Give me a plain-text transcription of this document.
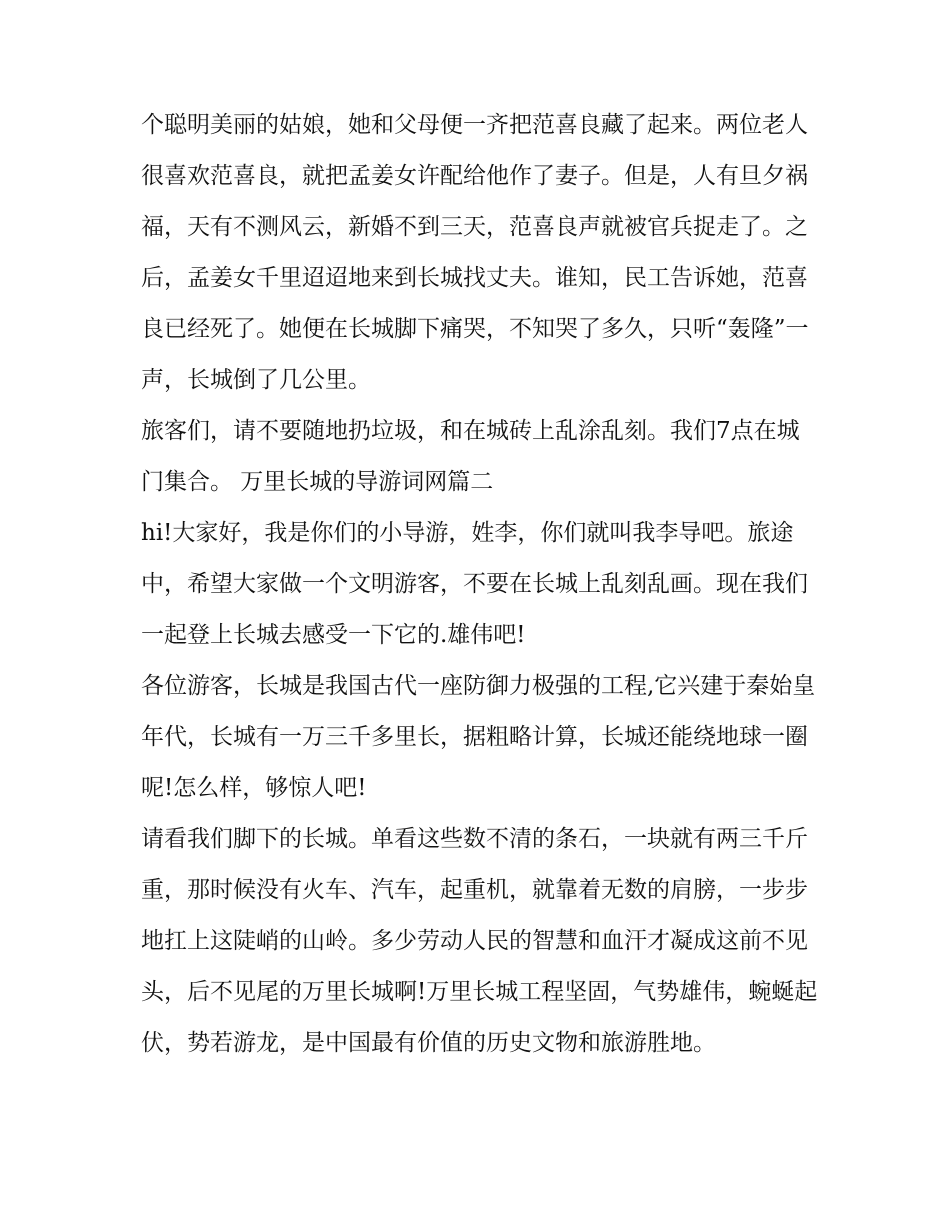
个聪明美丽的姑娘，她和父母便一齐把范喜良藏了起来。两位老人很喜欢范喜良，就把孟姜女许配给他作了妻子。但是，人有旦夕祸福，天有不测风云，新婚不到三天，范喜良声就被官兵捉走了。之后，孟姜女千里迢迢地来到长城找丈夫。谁知，民工告诉她，范喜良已经死了。她便在长城脚下痛哭，不知哭了多久，只听“轰隆”一声，长城倒了几公里。

旅客们，请不要随地扔垃圾，和在城砖上乱涂乱刻。我们7点在城门集合。 万里长城的导游词网篇二

hi!大家好，我是你们的小导游，姓李，你们就叫我李导吧。旅途中，希望大家做一个文明游客，不要在长城上乱刻乱画。现在我们一起登上长城去感受一下它的.雄伟吧!

各位游客，长城是我国古代一座防御力极强的工程,它兴建于秦始皇年代，长城有一万三千多里长，据粗略计算，长城还能绕地球一圈呢!怎么样，够惊人吧!

请看我们脚下的长城。单看这些数不清的条石，一块就有两三千斤重，那时候没有火车、汽车，起重机，就靠着无数的肩膀，一步步地扛上这陡峭的山岭。多少劳动人民的智慧和血汗才凝成这前不见头，后不见尾的万里长城啊!万里长城工程坚固，气势雄伟，蜿蜒起伏，势若游龙，是中国最有价值的历史文物和旅游胜地。
